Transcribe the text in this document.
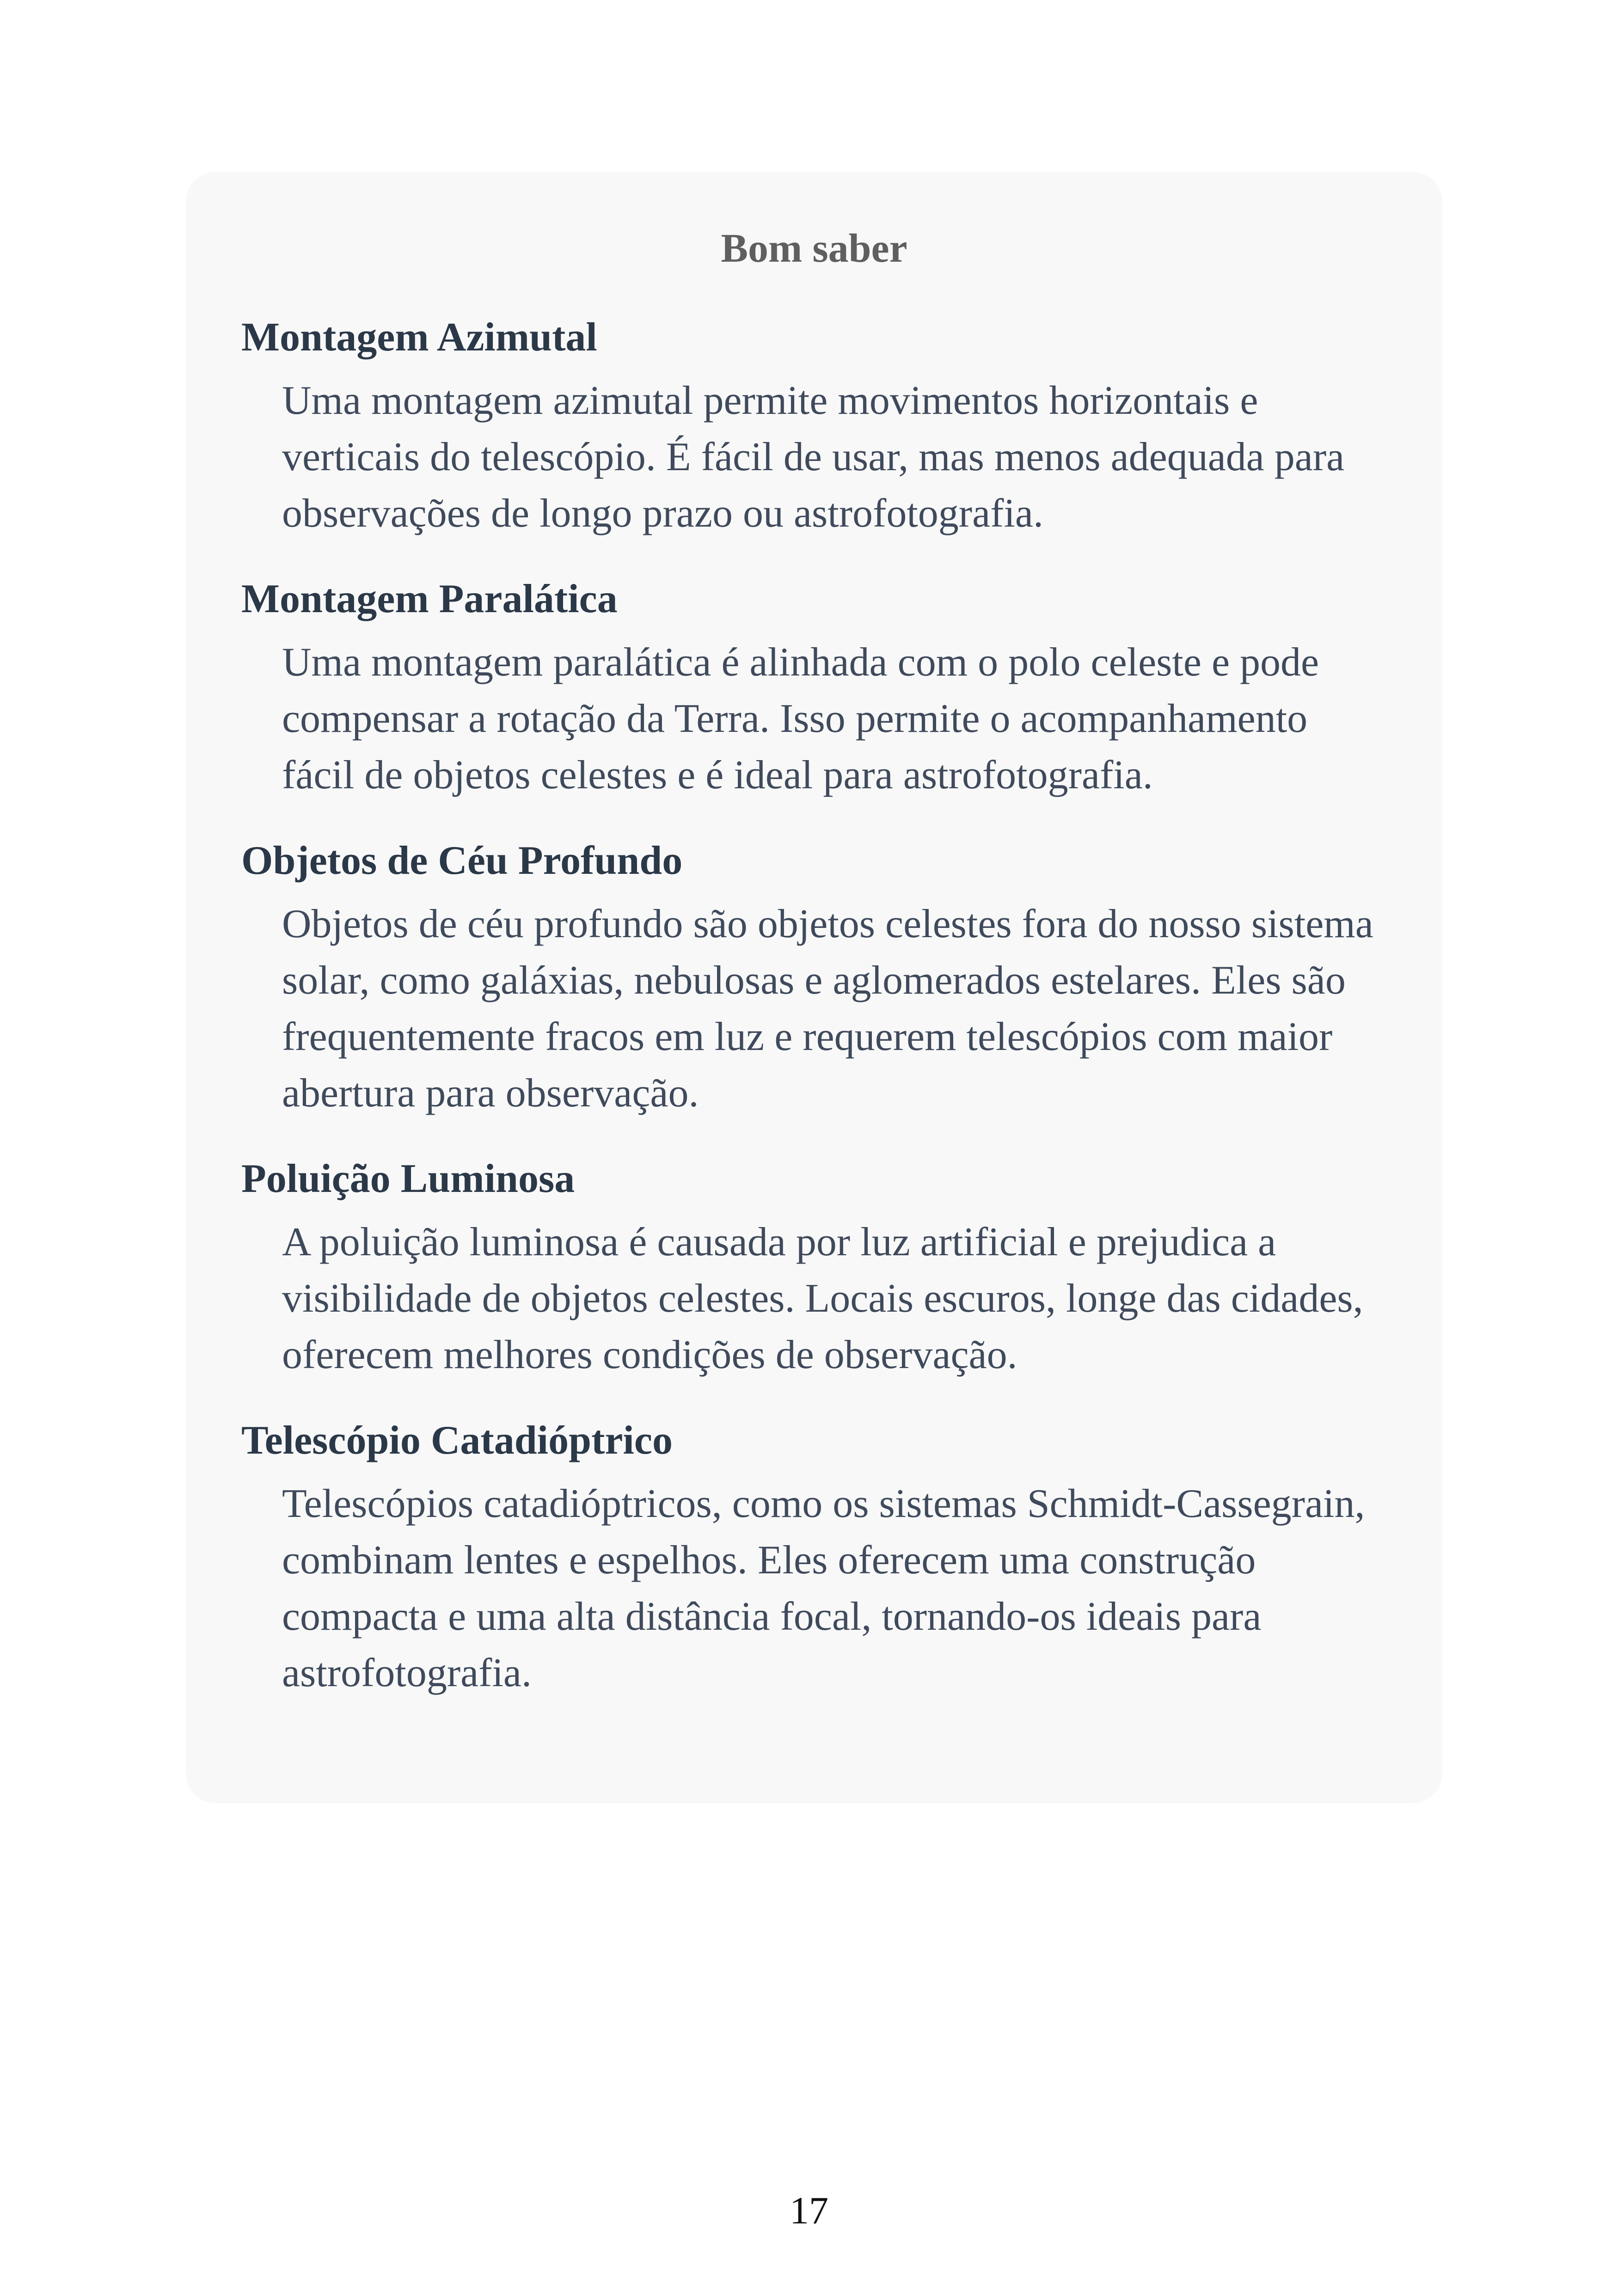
Bom saber
Montagem Azimutal
Uma montagem azimutal permite movimentos horizontais e verticais do telescópio. É fácil de usar, mas menos adequada para observações de longo prazo ou astrofotografia.
Montagem Paralática
Uma montagem paralática é alinhada com o polo celeste e pode compensar a rotação da Terra. Isso permite o acompanhamento fácil de objetos celestes e é ideal para astrofotografia.
Objetos de Céu Profundo
Objetos de céu profundo são objetos celestes fora do nosso sistema solar, como galáxias, nebulosas e aglomerados estelares. Eles são frequentemente fracos em luz e requerem telescópios com maior abertura para observação.
Poluição Luminosa
A poluição luminosa é causada por luz artificial e prejudica a visibilidade de objetos celestes. Locais escuros, longe das cidades, oferecem melhores condições de observação.
Telescópio Catadióptrico
Telescópios catadióptricos, como os sistemas Schmidt-Cassegrain, combinam lentes e espelhos. Eles oferecem uma construção compacta e uma alta distância focal, tornando-os ideais para astrofotografia.
17
